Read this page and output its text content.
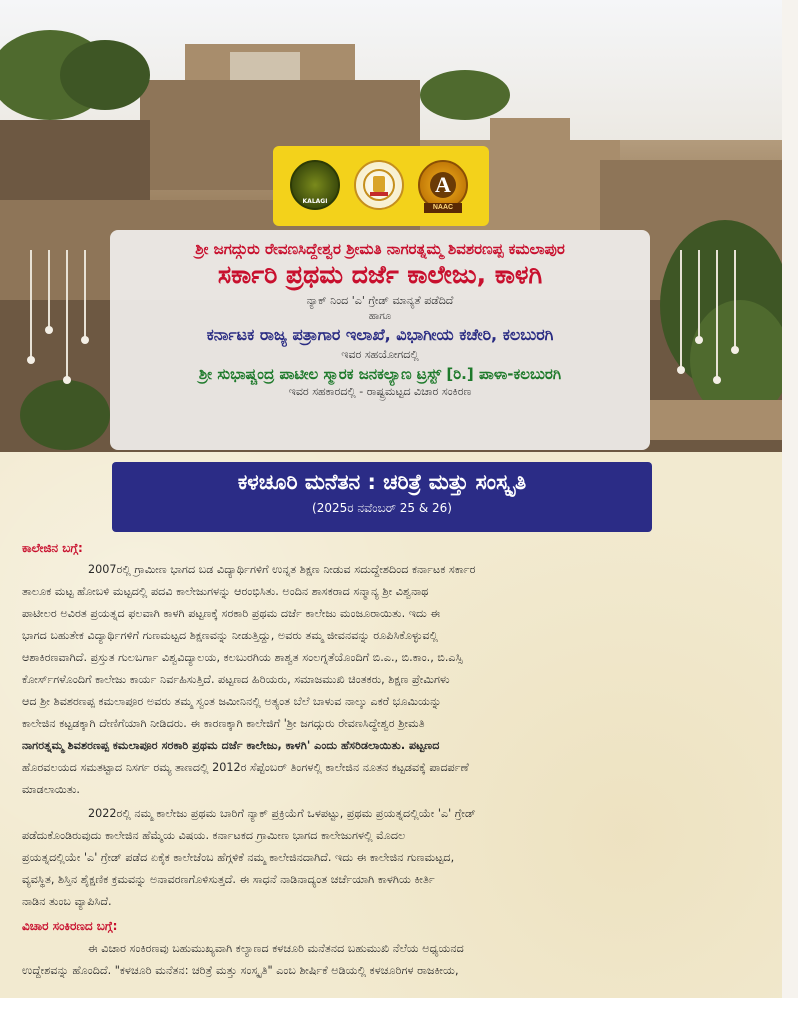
KALAGI
A
NAAC
ಶ್ರೀ ಜಗದ್ಗುರು ರೇವಣಸಿದ್ದೇಶ್ವರ ಶ್ರೀಮತಿ ನಾಗರತ್ನಮ್ಮ ಶಿವಶರಣಪ್ಪ ಕಮಲಾಪುರ
ಸರ್ಕಾರಿ ಪ್ರಥಮ ದರ್ಜೆ ಕಾಲೇಜು, ಕಾಳಗಿ
ನ್ಯಾಕ್ ನಿಂದ 'ಎ' ಗ್ರೇಡ್ ಮಾನ್ಯತೆ ಪಡೆದಿದೆ
ಹಾಗೂ
ಕರ್ನಾಟಕ ರಾಜ್ಯ ಪತ್ರಾಗಾರ ಇಲಾಖೆ, ವಿಭಾಗೀಯ ಕಚೇರಿ, ಕಲಬುರಗಿ
ಇವರ ಸಹಯೋಗದಲ್ಲಿ
ಶ್ರೀ ಸುಭಾಷ್ಚಂದ್ರ ಪಾಟೀಲ ಸ್ಮಾರಕ ಜನಕಲ್ಯಾಣ ಟ್ರಸ್ಟ್ [ರಿ.] ಪಾಳಾ-ಕಲಬುರಗಿ
ಇವರ ಸಹಕಾರದಲ್ಲಿ - ರಾಷ್ಟ್ರಮಟ್ಟದ ವಿಚಾರ ಸಂಕಿರಣ
ಕಳಚೂರಿ ಮನೆತನ : ಚರಿತ್ರೆ ಮತ್ತು ಸಂಸ್ಕೃತಿ
(2025ರ ನವೆಂಬರ್ 25 & 26)
ಕಾಲೇಜಿನ ಬಗ್ಗೆ:
2007ರಲ್ಲಿ ಗ್ರಾಮೀಣ ಭಾಗದ ಬಡ ವಿದ್ಯಾರ್ಥಿಗಳಿಗೆ ಉನ್ನತ ಶಿಕ್ಷಣ ನೀಡುವ ಸದುದ್ದೇಶದಿಂದ ಕರ್ನಾಟಕ ಸರ್ಕಾರ
ತಾಲೂಕ ಮಟ್ಟ ಹೋಬಳಿ ಮಟ್ಟದಲ್ಲಿ ಪದವಿ ಕಾಲೇಜುಗಳನ್ನು ಆರಂಭಿಸಿತು. ಅಂದಿನ ಶಾಸಕರಾದ ಸನ್ಮಾನ್ಯ ಶ್ರೀ ವಿಶ್ವನಾಥ
ಪಾಟೀಲರ ಅವಿರತ ಪ್ರಯತ್ನದ ಫಲವಾಗಿ ಕಾಳಗಿ ಪಟ್ಟಣಕ್ಕೆ ಸರಕಾರಿ ಪ್ರಥಮ ದರ್ಜೆ ಕಾಲೇಜು ಮಂಜೂರಾಯಿತು. ಇದು ಈ
ಭಾಗದ ಬಹುತೇಕ ವಿದ್ಯಾರ್ಥಿಗಳಿಗೆ ಗುಣಮಟ್ಟದ ಶಿಕ್ಷಣವನ್ನು ನೀಡುತ್ತಿದ್ದು, ಅವರು ತಮ್ಮ ಜೀವನವನ್ನು ರೂಪಿಸಿಕೊಳ್ಳುವಲ್ಲಿ
ಆಶಾಕಿರಣವಾಗಿದೆ. ಪ್ರಸ್ತುತ ಗುಲಬರ್ಗಾ ವಿಶ್ವವಿದ್ಯಾಲಯ, ಕಲಬುರಗಿಯ ಶಾಶ್ವತ ಸಂಲಗ್ನತೆಯೊಂದಿಗೆ ಬಿ.ಎ., ಬಿ.ಕಾಂ., ಬಿ.ಎಸ್ಸಿ
ಕೋರ್ಸ್‌ಗಳೊಂದಿಗೆ ಕಾಲೇಜು ಕಾರ್ಯ ನಿರ್ವಹಿಸುತ್ತಿದೆ. ಪಟ್ಟಣದ ಹಿರಿಯರು, ಸಮಾಜಮುಖಿ ಚಿಂತಕರು, ಶಿಕ್ಷಣ ಪ್ರೇಮಿಗಳು
ಆದ ಶ್ರೀ ಶಿವಶರಣಪ್ಪ ಕಮಲಾಪೂರ ಅವರು ತಮ್ಮ ಸ್ವಂತ ಜಮೀನಿನಲ್ಲಿ ಅತ್ಯಂತ ಬೆಲೆ ಬಾಳುವ ನಾಲ್ಕು ಎಕರೆ ಭೂಮಿಯನ್ನು
ಕಾಲೇಜಿನ ಕಟ್ಟಡಕ್ಕಾಗಿ ದೇಣಿಗೆಯಾಗಿ ನೀಡಿದರು. ಈ ಕಾರಣಕ್ಕಾಗಿ ಕಾಲೇಜಿಗೆ 'ಶ್ರೀ ಜಗದ್ಗುರು ರೇವಣಸಿದ್ಧೇಶ್ವರ ಶ್ರೀಮತಿ
ನಾಗರತ್ನಮ್ಮ ಶಿವಶರಣಪ್ಪ ಕಮಲಾಪೂರ ಸರಕಾರಿ ಪ್ರಥಮ ದರ್ಜೆ ಕಾಲೇಜು, ಕಾಳಗಿ' ಎಂದು ಹೆಸರಿಡಲಾಯಿತು. ಪಟ್ಟಣದ
ಹೊರವಲಯದ ಸಮತಟ್ಟಾದ ನಿಸರ್ಗ ರಮ್ಯ ತಾಣದಲ್ಲಿ 2012ರ ಸೆಪ್ಟೆಂಬರ್ ತಿಂಗಳಲ್ಲಿ ಕಾಲೇಜಿನ ನೂತನ ಕಟ್ಟಡವಕ್ಕೆ ಪಾದರ್ಪಣೆ
ಮಾಡಲಾಯಿತು.
2022ರಲ್ಲಿ ನಮ್ಮ ಕಾಲೇಜು ಪ್ರಥಮ ಬಾರಿಗೆ ನ್ಯಾಕ್ ಪ್ರಕ್ರಿಯೆಗೆ ಒಳಪಟ್ಟು, ಪ್ರಥಮ ಪ್ರಯತ್ನದಲ್ಲಿಯೇ 'ಎ' ಗ್ರೇಡ್
ಪಡೆದುಕೊಂಡಿರುವುದು ಕಾಲೇಜಿನ ಹೆಮ್ಮೆಯ ವಿಷಯ. ಕರ್ನಾಟಕದ ಗ್ರಾಮೀಣ ಭಾಗದ ಕಾಲೇಜುಗಳಲ್ಲಿ ಮೊದಲ
ಪ್ರಯತ್ನದಲ್ಲಿಯೇ 'ಎ' ಗ್ರೇಡ್ ಪಡೆದ ಏಕೈಕ ಕಾಲೇಜೆಂಬ ಹೆಗ್ಗಳಿಕೆ ನಮ್ಮ ಕಾಲೇಜಿನದಾಗಿದೆ. ಇದು ಈ ಕಾಲೇಜಿನ ಗುಣಮಟ್ಟದ,
ವ್ಯವಸ್ಥಿತ, ಶಿಸ್ತಿನ ಶೈಕ್ಷಣಿಕ ಕ್ರಮವನ್ನು ಅನಾವರಣಗೊಳಿಸುತ್ತದೆ. ಈ ಸಾಧನೆ ನಾಡಿನಾದ್ಯಂತ ಚರ್ಚೆಯಾಗಿ ಕಾಳಗಿಯ ಕೀರ್ತಿ
ನಾಡಿನ ತುಂಬ ವ್ಯಾಪಿಸಿದೆ.
ವಿಚಾರ ಸಂಕಿರಣದ ಬಗ್ಗೆ:
ಈ ವಿಚಾರ ಸಂಕಿರಣವು ಬಹುಮುಖ್ಯವಾಗಿ ಕಲ್ಯಾಣದ ಕಳಚೂರಿ ಮನೆತನದ ಬಹುಮುಖಿ ನೆಲೆಯ ಅಧ್ಯಯನದ
ಉದ್ದೇಶವನ್ನು ಹೊಂದಿದೆ. "ಕಳಚೂರಿ ಮನೆತನ: ಚರಿತ್ರೆ ಮತ್ತು ಸಂಸ್ಕೃತಿ" ಎಂಬ ಶೀರ್ಷಿಕೆ ಅಡಿಯಲ್ಲಿ ಕಳಚೂರಿಗಳ ರಾಜಕೀಯ,
